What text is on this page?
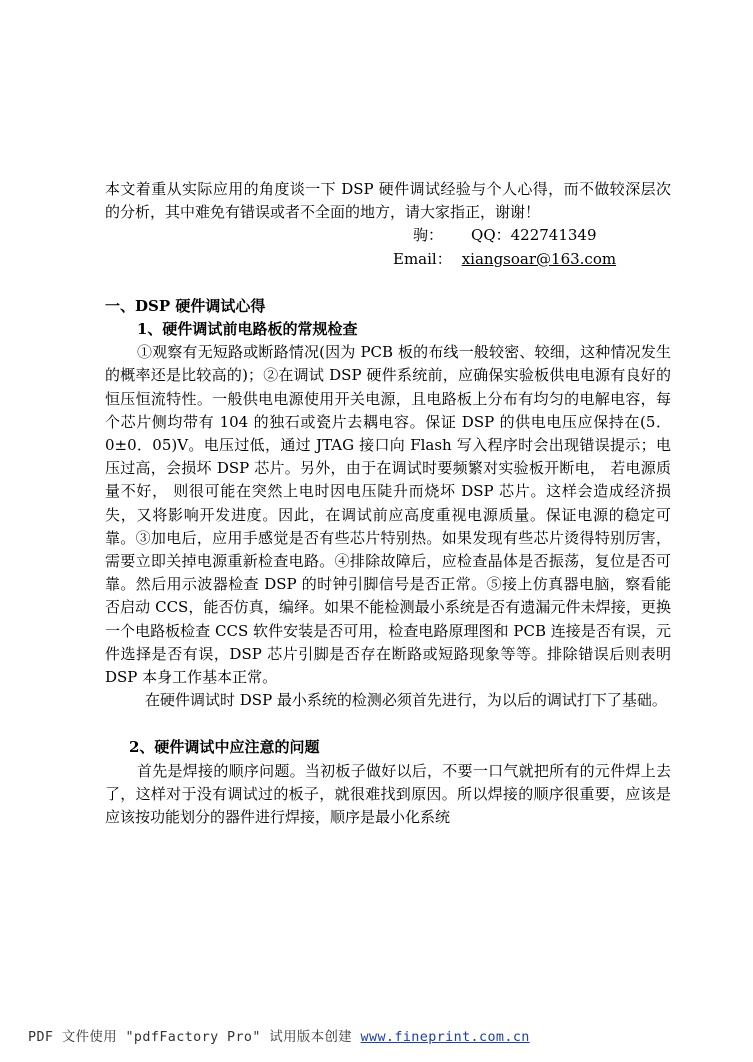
本文着重从实际应用的角度谈一下 DSP 硬件调试经验与个人心得，而不做较深层次的分析，其中难免有错误或者不全面的地方，请大家指正，谢谢！

驹： QQ：422741349
Email： xiangsoar@163.com
一、DSP 硬件调试心得
1、硬件调试前电路板的常规检查

①观察有无短路或断路情况(因为 PCB 板的布线一般较密、较细，这种情况发生的概率还是比较高的)；②在调试 DSP 硬件系统前，应确保实验板供电电源有良好的恒压恒流特性。一般供电电源使用开关电源，且电路板上分布有均匀的电解电容，每个芯片侧均带有 104 的独石或瓷片去耦电容。保证 DSP 的供电电压应保持在(5．0±0．05)V。电压过低，通过 JTAG 接口向 Flash 写入程序时会出现错误提示；电压过高，会损坏 DSP 芯片。另外，由于在调试时要频繁对实验板开断电， 若电源质量不好， 则很可能在突然上电时因电压陡升而烧坏 DSP 芯片。这样会造成经济损失，又将影响开发进度。因此，在调试前应高度重视电源质量。保证电源的稳定可靠。③加电后，应用手感觉是否有些芯片特别热。如果发现有些芯片烫得特别厉害，需要立即关掉电源重新检查电路。④排除故障后，应检查晶体是否振荡，复位是否可靠。然后用示波器检查 DSP 的时钟引脚信号是否正常。⑤接上仿真器电脑，察看能否启动 CCS，能否仿真，编绎。如果不能检测最小系统是否有遗漏元件未焊接，更换一个电路板检查 CCS 软件安装是否可用，检查电路原理图和 PCB 连接是否有误，元件选择是否有误，DSP 芯片引脚是否存在断路或短路现象等等。排除错误后则表明 DSP 本身工作基本正常。

在硬件调试时 DSP 最小系统的检测必须首先进行，为以后的调试打下了基础。

2、硬件调试中应注意的问题

首先是焊接的顺序问题。当初板子做好以后，不要一口气就把所有的元件焊上去了，这样对于没有调试过的板子，就很难找到原因。所以焊接的顺序很重要，应该是应该按功能划分的器件进行焊接，顺序是最小化系统

PDF 文件使用 "pdfFactory Pro" 试用版本创建 www.fineprint.com.cn
